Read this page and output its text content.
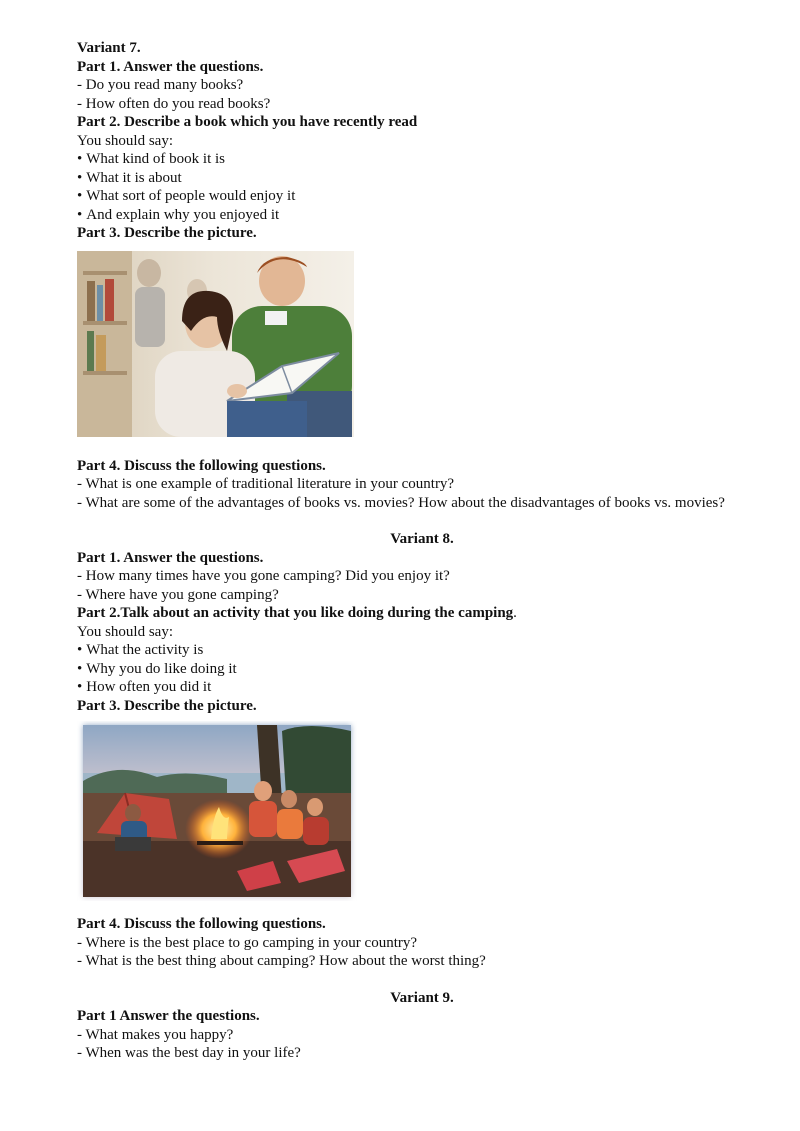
Variant 7.
Part 1. Answer the questions.
- Do you read many books?
- How often do you read books?
Part 2. Describe a book which you have recently read
You should say:
• What kind of book it is
• What it is about
• What sort of people would enjoy it
• And explain why you enjoyed it
Part 3. Describe the picture.
Part 4. Discuss the following questions.
- What is one example of traditional literature in your country?
- What are some of the advantages of books vs. movies? How about the disadvantages of books vs. movies?
Variant 8.
Part 1. Answer the questions.
- How many times have you gone camping? Did you enjoy it?
- Where have you gone camping?
Part 2.Talk about an activity that you like doing during the camping.
You should say:
• What the activity is
• Why you do like doing it
• How often you did it
Part 3. Describe the picture.
Part 4. Discuss the following questions.
- Where is the best place to go camping in your country?
- What is the best thing about camping? How about the worst thing?
Variant 9.
Part 1 Answer the questions.
- What makes you happy?
- When was the best day in your life?
